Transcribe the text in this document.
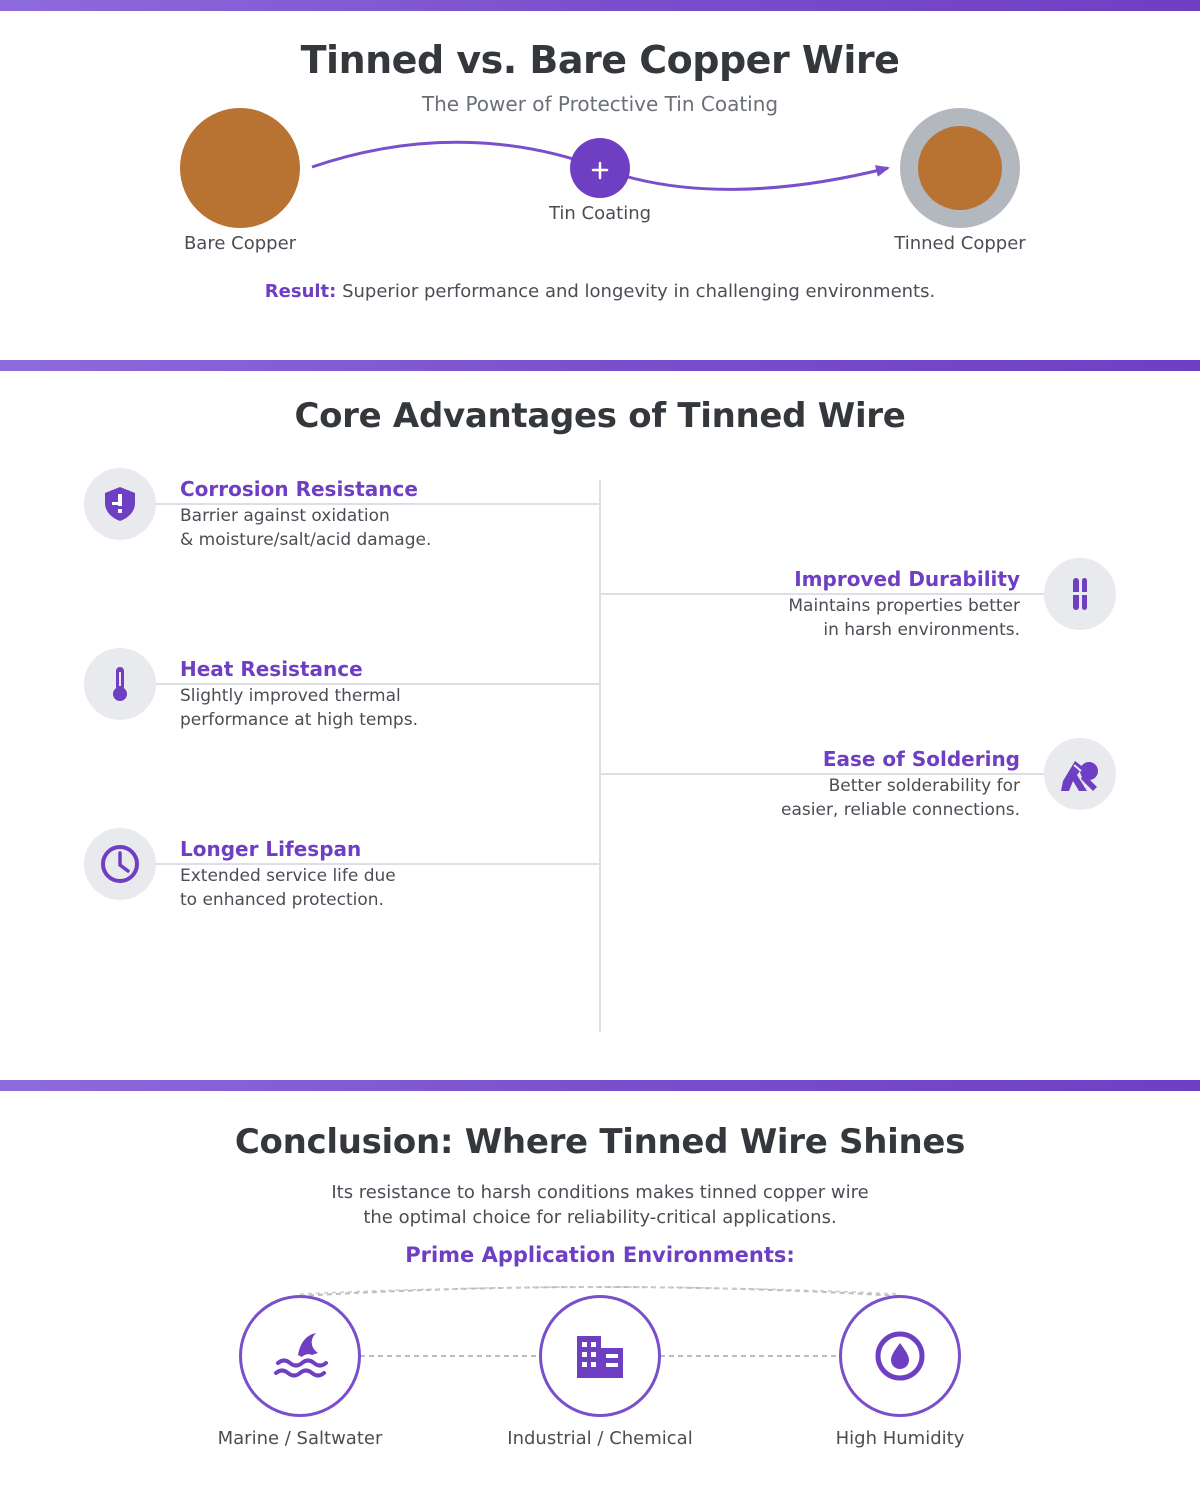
Tinned vs. Bare Copper Wire
The Power of Protective Tin Coating
Bare Copper
Tin Coating
Tinned Copper
Result: Superior performance and longevity in challenging environments.
Core Advantages of Tinned Wire
Corrosion Resistance
Barrier against oxidation
& moisture/salt/acid damage.
Improved Durability
Maintains properties better
in harsh environments.
Heat Resistance
Slightly improved thermal
performance at high temps.
Ease of Soldering
Better solderability for
easier, reliable connections.
Longer Lifespan
Extended service life due
to enhanced protection.
Conclusion: Where Tinned Wire Shines
Its resistance to harsh conditions makes tinned copper wire
the optimal choice for reliability-critical applications.
Prime Application Environments:
Marine / Saltwater	Industrial / Chemical	High Humidity
